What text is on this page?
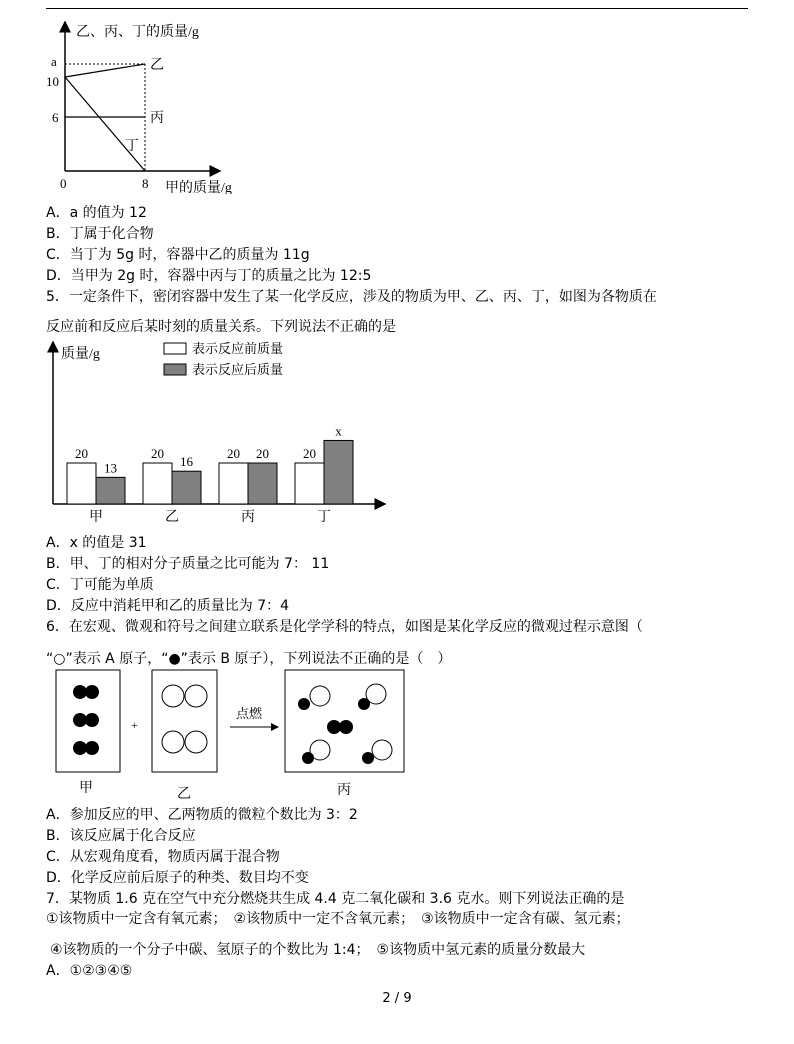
乙、丙、丁的质量/g
甲的质量/g
a
10
6
0	8
乙
丙
丁
A．a 的值为 12
B．丁属于化合物
C．当丁为 5g 时，容器中乙的质量为 11g
D．当甲为 2g 时，容器中丙与丁的质量之比为 12:5
5．一定条件下，密闭容器中发生了某一化学反应，涉及的物质为甲、乙、丙、丁，如图为各物质在
反应前和反应后某时刻的质量关系。下列说法不正确的是
质量/g	表示反应前质量
表示反应后质量
20
13
甲
20
16
乙
20 20
丙
20
x
丁
A．x 的值是 31
B．甲、丁的相对分子质量之比可能为 7： 11
C．丁可能为单质
D．反应中消耗甲和乙的质量比为 7：4
6．在宏观、微观和符号之间建立联系是化学学科的特点，如图是某化学反应的微观过程示意图（
“○”表示 A 原子，“●”表示 B 原子），下列说法不正确的是（　）
+
点燃
甲	乙	丙
A．参加反应的甲、乙两物质的微粒个数比为 3：2
B．该反应属于化合反应
C．从宏观角度看，物质丙属于混合物
D．化学反应前后原子的种类、数目均不变
7．某物质 1.6 克在空气中充分燃烧共生成 4.4 克二氧化碳和 3.6 克水。则下列说法正确的是
①该物质中一定含有氧元素；　②该物质中一定不含氧元素；　③该物质中一定含有碳、氢元素；
④该物质的一个分子中碳、氢原子的个数比为 1:4；　⑤该物质中氢元素的质量分数最大
A．①②③④⑤
2 / 9
